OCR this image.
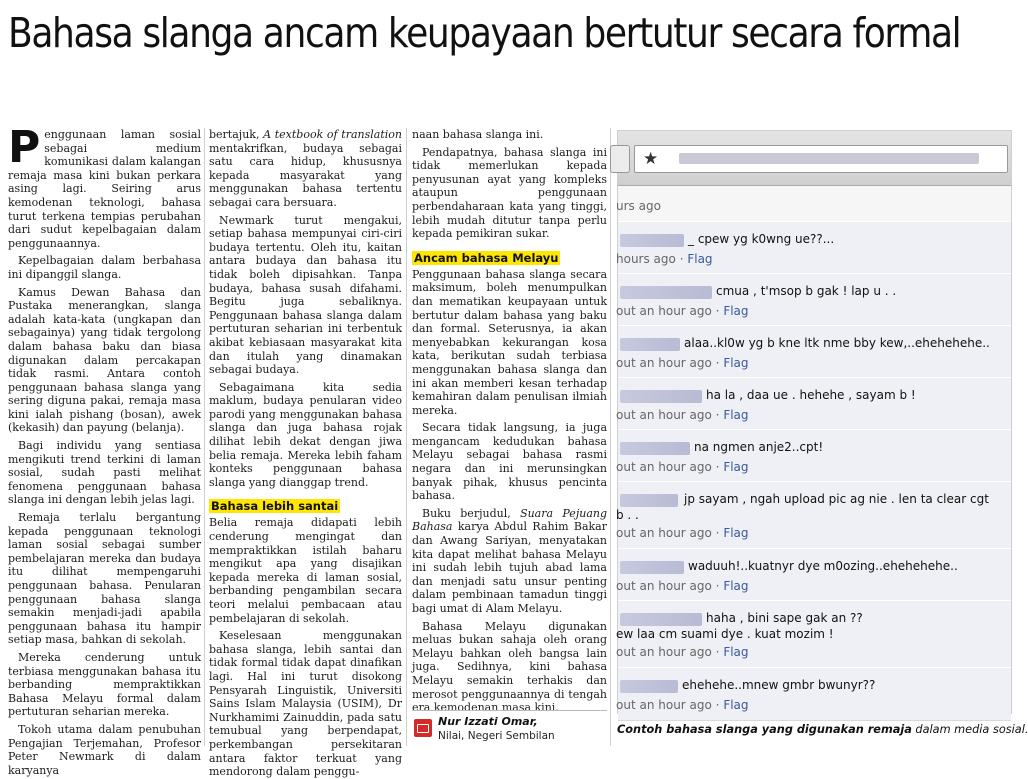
Bahasa slanga ancam keupayaan bertutur secara formal

Penggunaan laman sosial sebagai medium komunikasi dalam kalangan remaja masa kini bukan perkara asing lagi. Seiring arus kemodenan teknologi, bahasa turut terkena tempias perubahan dari sudut kepelbagaian dalam penggunaannya.

Kepelbagaian dalam berbahasa ini dipanggil slanga.

Kamus Dewan Bahasa dan Pustaka menerangkan, slanga adalah kata-kata (ungkapan dan sebagainya) yang tidak tergolong dalam bahasa baku dan biasa digunakan dalam percakapan tidak rasmi. Antara contoh penggunaan bahasa slanga yang sering diguna pakai, remaja masa kini ialah pishang (bosan), awek (kekasih) dan payung (belanja).

Bagi individu yang sentiasa mengikuti trend terkini di laman sosial, sudah pasti melihat fenomena penggunaan bahasa slanga ini dengan lebih jelas lagi.

Remaja terlalu bergantung kepada penggunaan teknologi laman sosial sebagai sumber pembelajaran mereka dan budaya itu dilihat mempengaruhi penggunaan bahasa. Penularan penggunaan bahasa slanga semakin menjadi-jadi apabila penggunaan bahasa itu hampir setiap masa, bahkan di sekolah.

Mereka cenderung untuk terbiasa menggunakan bahasa itu berbanding mempraktikkan Bahasa Melayu formal dalam pertuturan seharian mereka.

Tokoh utama dalam penubuhan Pengajian Terjemahan, Profesor Peter Newmark di dalam karyanya

bertajuk, A textbook of translation mentakrifkan, budaya sebagai satu cara hidup, khususnya kepada masyarakat yang menggunakan bahasa tertentu sebagai cara bersuara.

Newmark turut mengakui, setiap bahasa mempunyai ciri-ciri budaya tertentu. Oleh itu, kaitan antara budaya dan bahasa itu tidak boleh dipisahkan. Tanpa budaya, bahasa susah difahami. Begitu juga sebaliknya. Penggunaan bahasa slanga dalam pertuturan seharian ini terbentuk akibat kebiasaan masyarakat kita dan itulah yang dinamakan sebagai budaya.

Sebagaimana kita sedia maklum, budaya penularan video parodi yang menggunakan bahasa slanga dan juga bahasa rojak dilihat lebih dekat dengan jiwa belia remaja. Mereka lebih faham konteks penggunaan bahasa slanga yang dianggap trend.

Bahasa lebih santai

Belia remaja didapati lebih cenderung mengingat dan mempraktikkan istilah baharu mengikut apa yang disajikan kepada mereka di laman sosial, berbanding pengambilan secara teori melalui pembacaan atau pembelajaran di sekolah.

Keselesaan menggunakan bahasa slanga, lebih santai dan tidak formal tidak dapat dinafikan lagi. Hal ini turut disokong Pensyarah Linguistik, Universiti Sains Islam Malaysia (USIM), Dr Nurkhamimi Zainuddin, pada satu temubual yang berpendapat, perkembangan persekitaran antara faktor terkuat yang mendorong dalam penggu-

naan bahasa slanga ini.

Pendapatnya, bahasa slanga ini tidak memerlukan kepada penyusunan ayat yang kompleks ataupun penggunaan perbendaharaan kata yang tinggi, lebih mudah ditutur tanpa perlu kepada pemikiran sukar.

Ancam bahasa Melayu

Penggunaan bahasa slanga secara maksimum, boleh menumpulkan dan mematikan keupayaan untuk bertutur dalam bahasa yang baku dan formal. Seterusnya, ia akan menyebabkan kekurangan kosa kata, berikutan sudah terbiasa menggunakan bahasa slanga dan ini akan memberi kesan terhadap kemahiran dalam penulisan ilmiah mereka.

Secara tidak langsung, ia juga mengancam kedudukan bahasa Melayu sebagai bahasa rasmi negara dan ini merunsingkan banyak pihak, khusus pencinta bahasa.

Buku berjudul, Suara Pejuang Bahasa karya Abdul Rahim Bakar dan Awang Sariyan, menyatakan kita dapat melihat bahasa Melayu ini sudah lebih tujuh abad lama dan menjadi satu unsur penting dalam pembinaan tamadun tinggi bagi umat di Alam Melayu.

Bahasa Melayu digunakan meluas bukan sahaja oleh orang Melayu bahkan oleh bangsa lain juga. Sedihnya, kini bahasa Melayu semakin terhakis dan merosot penggunaannya di tengah era kemodenan masa kini.

Nur Izzati Omar,
Nilai, Negeri Sembilan
★
urs ago
_ cpew yg k0wng ue??...
hours ago · Flag
cmua , t'msop b gak ! lap u . .
out an hour ago · Flag
alaa..kl0w yg b kne ltk nme bby kew,..ehehehehe..
out an hour ago · Flag
ha la , daa ue . hehehe , sayam b !
out an hour ago · Flag
na ngmen anje2..cpt!
out an hour ago · Flag
jp sayam , ngah upload pic ag nie . len ta clear cgt
b . .
out an hour ago · Flag
waduuh!..kuatnyr dye m0ozing..ehehehehe..
out an hour ago · Flag
haha , bini sape gak an ??
ew laa cm suami dye . kuat mozim !
out an hour ago · Flag
ehehehe..mnew gmbr bwunyr??
out an hour ago · Flag
Contoh bahasa slanga yang digunakan remaja dalam media sosial.
